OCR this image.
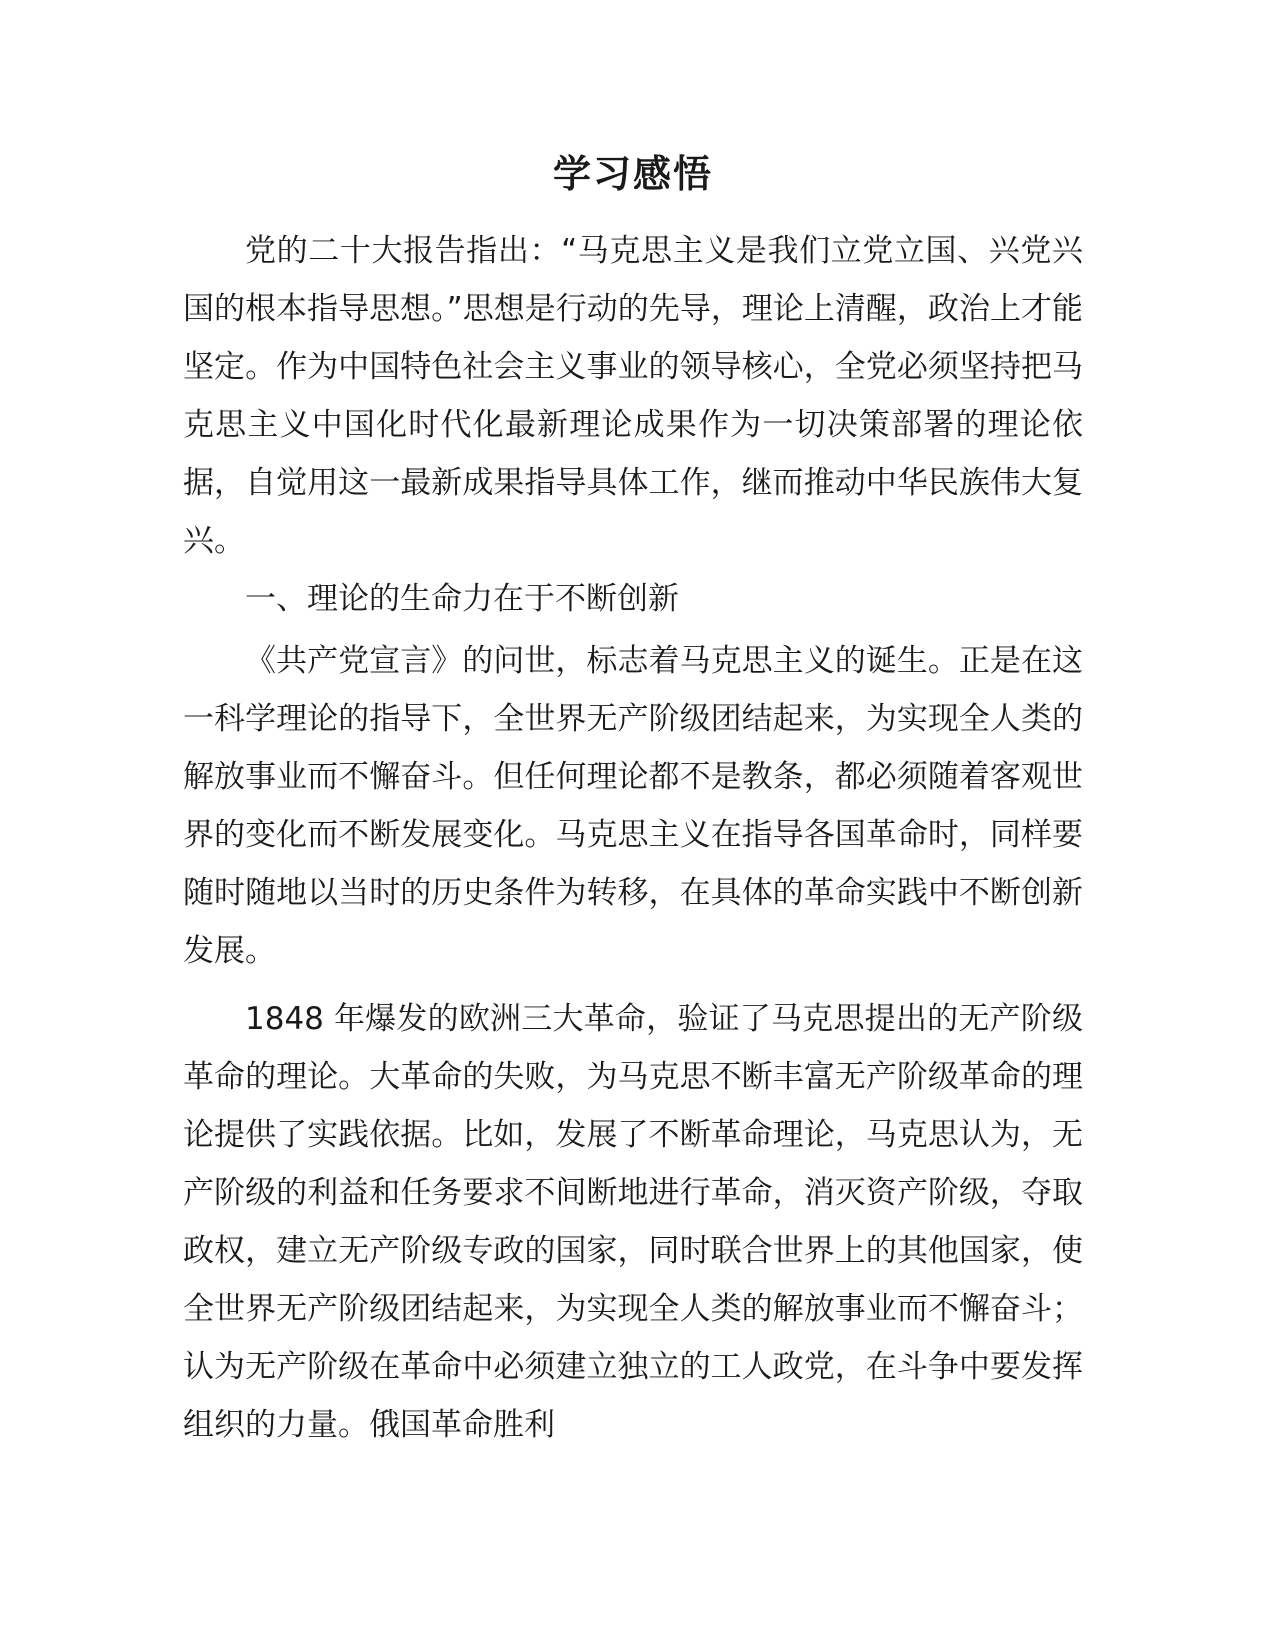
学习感悟

党的二十大报告指出：“马克思主义是我们立党立国、兴党兴国的根本指导思想。”思想是行动的先导，理论上清醒，政治上才能坚定。作为中国特色社会主义事业的领导核心，全党必须坚持把马克思主义中国化时代化最新理论成果作为一切决策部署的理论依据，自觉用这一最新成果指导具体工作，继而推动中华民族伟大复兴。

一、理论的生命力在于不断创新

《共产党宣言》的问世，标志着马克思主义的诞生。正是在这一科学理论的指导下，全世界无产阶级团结起来，为实现全人类的解放事业而不懈奋斗。但任何理论都不是教条，都必须随着客观世界的变化而不断发展变化。马克思主义在指导各国革命时，同样要随时随地以当时的历史条件为转移，在具体的革命实践中不断创新发展。

1848 年爆发的欧洲三大革命，验证了马克思提出的无产阶级革命的理论。大革命的失败，为马克思不断丰富无产阶级革命的理论提供了实践依据。比如，发展了不断革命理论，马克思认为，无产阶级的利益和任务要求不间断地进行革命，消灭资产阶级，夺取政权，建立无产阶级专政的国家，同时联合世界上的其他国家，使全世界无产阶级团结起来，为实现全人类的解放事业而不懈奋斗；认为无产阶级在革命中必须建立独立的工人政党，在斗争中要发挥组织的力量。俄国革命胜利
